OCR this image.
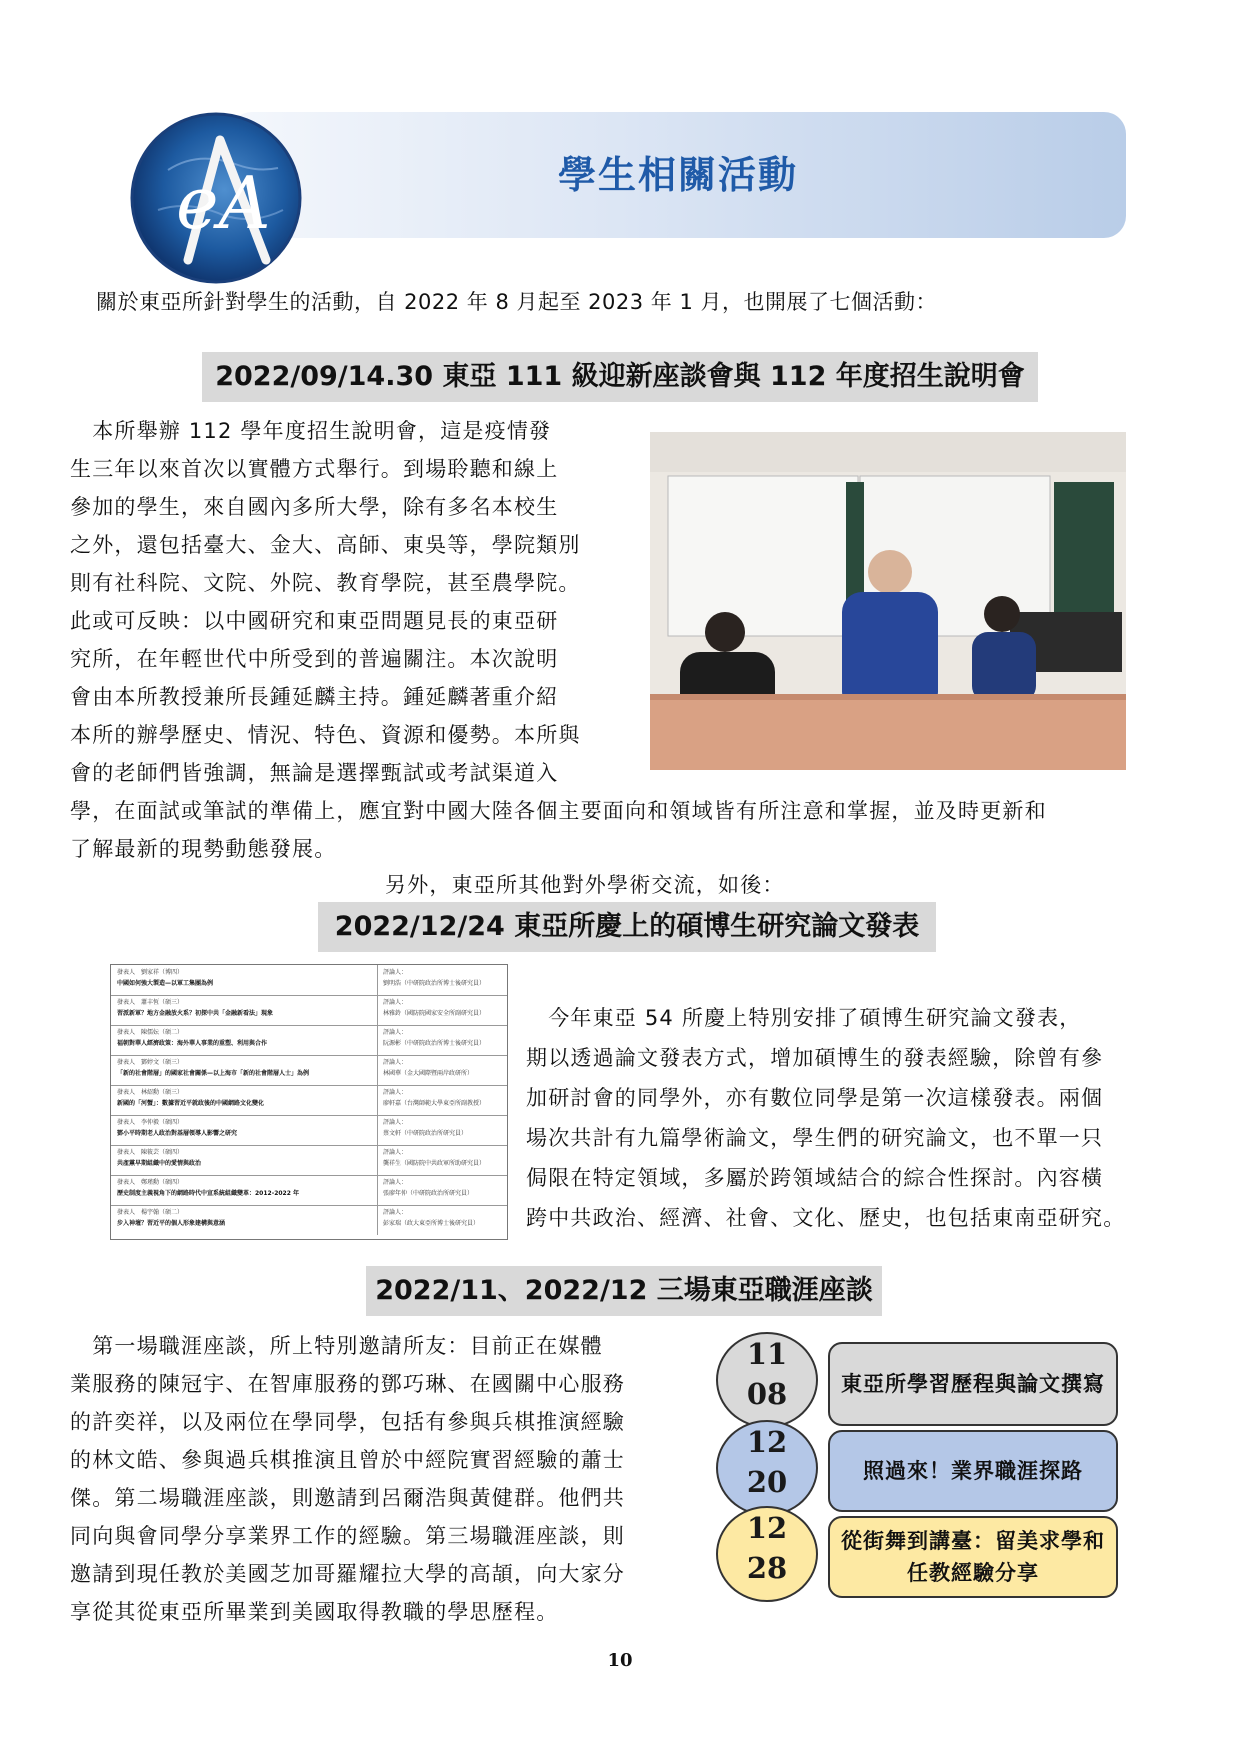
學生相關活動
eA
關於東亞所針對學生的活動，自 2022 年 8 月起至 2023 年 1 月，也開展了七個活動：
2022/09/14.30 東亞 111 級迎新座談會與 112 年度招生說明會
　本所舉辦 112 學年度招生說明會，這是疫情發
生三年以來首次以實體方式舉行。到場聆聽和線上
參加的學生，來自國內多所大學，除有多名本校生
之外，還包括臺大、金大、高師、東吳等，學院類別
則有社科院、文院、外院、教育學院，甚至農學院。
此或可反映：以中國研究和東亞問題見長的東亞研
究所，在年輕世代中所受到的普遍關注。本次說明
會由本所教授兼所長鍾延麟主持。鍾延麟著重介紹
本所的辦學歷史、情況、特色、資源和優勢。本所與
會的老師們皆強調，無論是選擇甄試或考試渠道入
學，在面試或筆試的準備上，應宜對中國大陸各個主要面向和領域皆有所注意和掌握，並及時更新和
了解最新的現勢動態發展。
另外，東亞所其他對外學術交流，如後：
2022/12/24 東亞所慶上的碩博生研究論文發表
發表人　劉家祥（博四）
中國如何強大製造—以軍工集團為例
評論人：
劉明浩（中研院政治所博士後研究員）
發表人　蕭丰恆（碩三）
習派新軍？地方金融放火系？初探中共「金融新看法」現象
評論人：
林雅鈴（國防院國家安全所副研究員）
發表人　陳儒妘（碩二）
福朝對華人經濟政策：海外華人事業的重塑、利用與合作
評論人：
阮源彬（中研院政治所博士後研究員）
發表人　鄧婷文（碩三）
「新的社會階層」的國家社會關係—以上海市「新的社會階層人士」為例
評論人：
林國華（金大國際暨兩岸政研所）
發表人　林紹勳（碩三）
新國的「河蟹」：數據習近平就政後的中國網路文化變化
評論人：
廖軒嘉（台灣師範大學東亞所副教授）
發表人　李仲毅（碩四）
鄧小平時期老人政治對基層領導人影響之研究
評論人：
蔡文軒（中研院政治所研究員）
發表人　陳筱芸（碩四）
共產黨早期組織中的愛情與政治
評論人：
龔祥生（國防院中共政軍所助研究員）
發表人　鄭瑾勳（碩四）
歷史制度主義視角下的網路時代中宣系統組織變革：2012-2022 年
評論人：
張廖年仲（中研院政治所研究員）
發表人　楊宇翰（碩二）
步入神壇？習近平的個人形象建構與意涵
評論人：
彭家瑞（政大東亞所博士後研究員）
　今年東亞 54 所慶上特別安排了碩博生研究論文發表，
期以透過論文發表方式，增加碩博生的發表經驗，除曾有參
加研討會的同學外，亦有數位同學是第一次這樣發表。兩個
場次共計有九篇學術論文，學生們的研究論文，也不單一只
侷限在特定領域，多屬於跨領域結合的綜合性探討。內容橫
跨中共政治、經濟、社會、文化、歷史，也包括東南亞研究。
2022/11、2022/12 三場東亞職涯座談
　第一場職涯座談，所上特別邀請所友：目前正在媒體
業服務的陳冠宇、在智庫服務的鄧巧琳、在國關中心服務
的許奕祥，以及兩位在學同學，包括有參與兵棋推演經驗
的林文皓、參與過兵棋推演且曾於中經院實習經驗的蕭士
傑。第二場職涯座談，則邀請到呂爾浩與黃健群。他們共
同向與會同學分享業界工作的經驗。第三場職涯座談，則
邀請到現任教於美國芝加哥羅耀拉大學的高頡，向大家分
享從其從東亞所畢業到美國取得教職的學思歷程。
東亞所學習歷程與論文撰寫
照過來！業界職涯探路
從街舞到講臺：留美求學和任教經驗分享
11
08
12
20
12
28
10
